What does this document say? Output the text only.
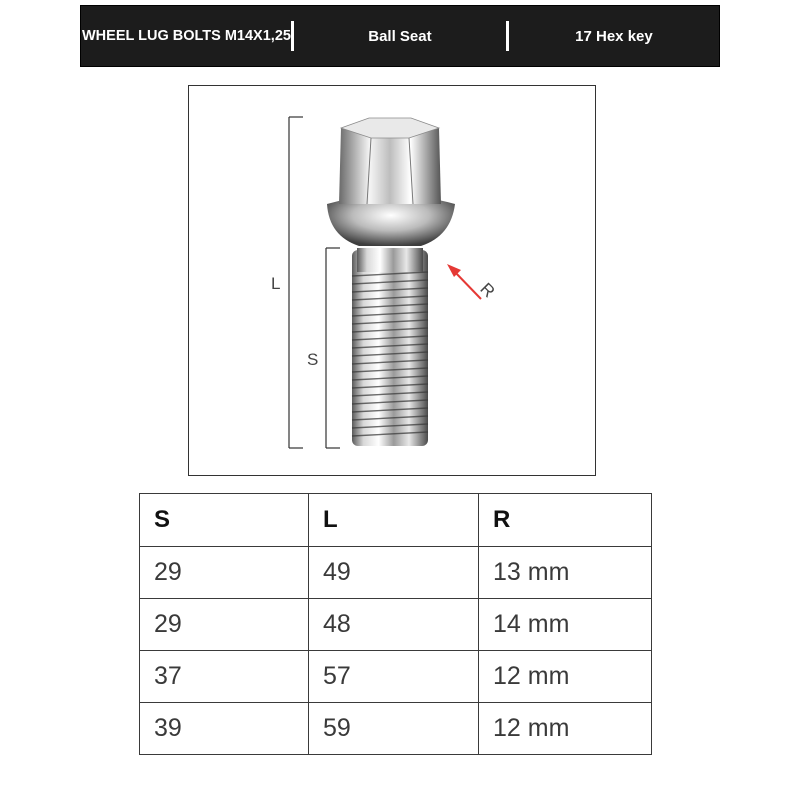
WHEEL LUG BOLTS M14X1,25	Ball Seat	17 Hex key
L
S
R
S	L	R
29	49	13 mm
29	48	14 mm
37	57	12 mm
39	59	12 mm
